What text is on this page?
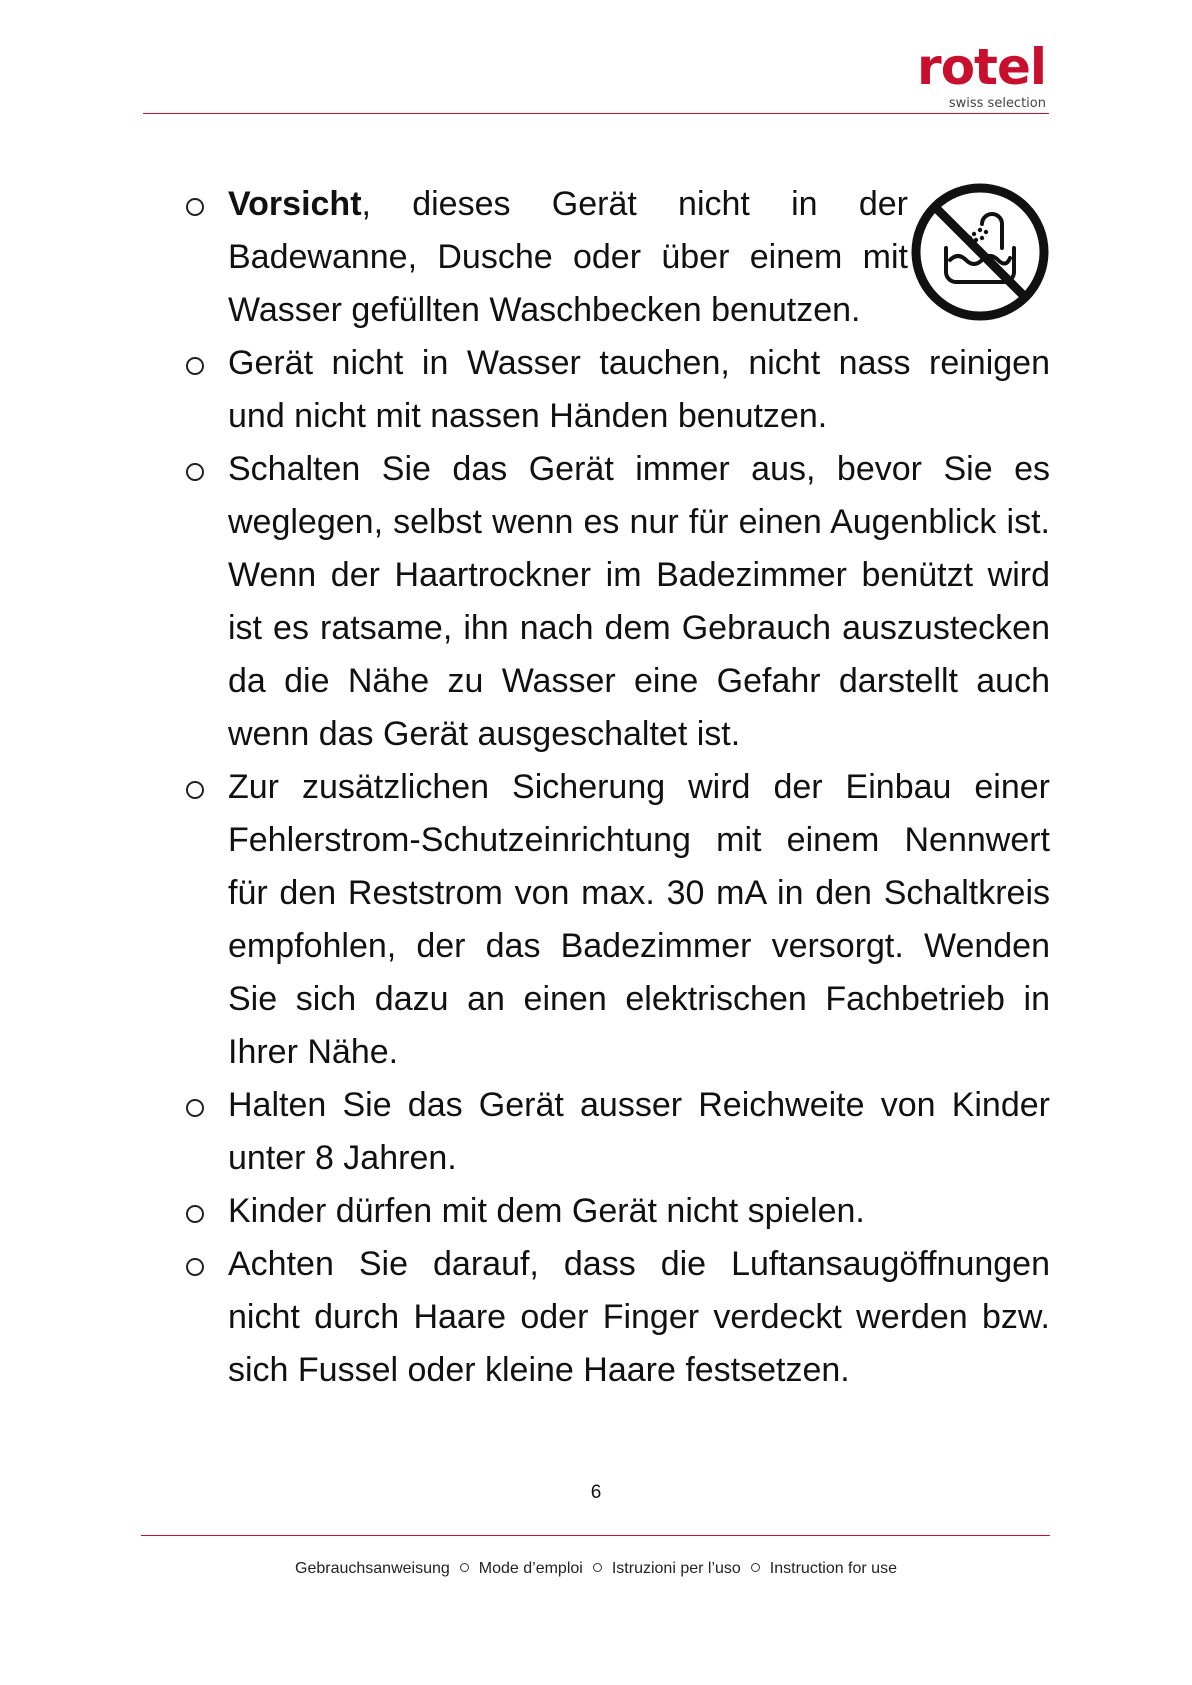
rotel
swiss selection
Vorsicht, dieses Gerät nicht in der Badewanne, Dusche oder über einem mit Wasser gefüllten Waschbecken benutzen.
Gerät nicht in Wasser tauchen, nicht nass reinigen und nicht mit nassen Händen benutzen.
Schalten Sie das Gerät immer aus, bevor Sie es weglegen, selbst wenn es nur für einen Augenblick ist. Wenn der Haartrockner im Badezimmer benützt wird ist es ratsame, ihn nach dem Gebrauch auszustecken da die Nähe zu Wasser eine Gefahr darstellt auch wenn das Gerät ausgeschaltet ist.
Zur zusätzlichen Sicherung wird der Einbau einer Fehlerstrom-Schutzeinrichtung mit einem Nennwert für den Reststrom von max. 30 mA in den Schaltkreis empfohlen, der das Badezimmer versorgt. Wenden Sie sich dazu an einen elektrischen Fachbetrieb in Ihrer Nähe.
Halten Sie das Gerät ausser Reichweite von Kinder unter 8 Jahren.
Kinder dürfen mit dem Gerät nicht spielen.
Achten Sie darauf, dass die Luftansaugöffnungen nicht durch Haare oder Finger verdeckt werden bzw. sich Fussel oder kleine Haare festsetzen.
6
Gebrauchsanweisung Mode d’emploi Istruzioni per l’uso Instruction for use
